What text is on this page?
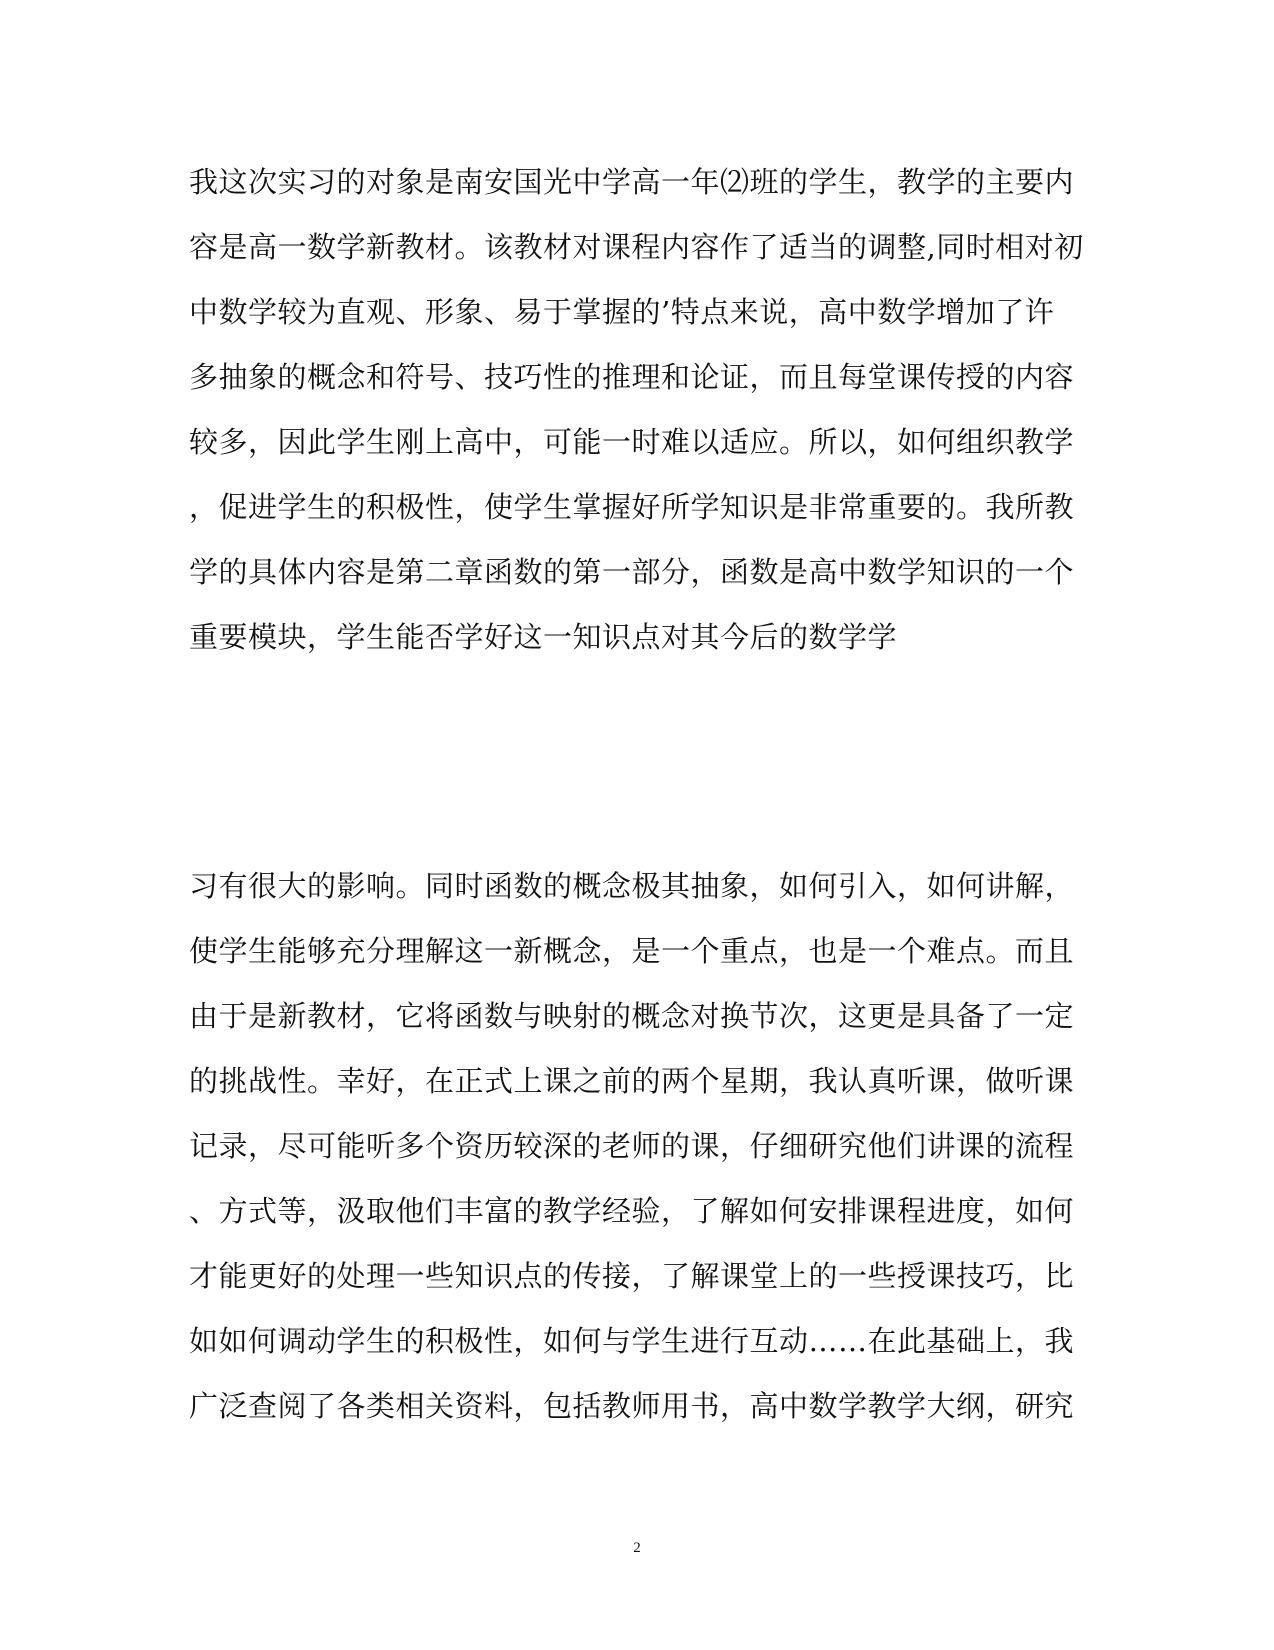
我这次实习的对象是南安国光中学高一年⑵班的学生，教学的主要内
容是高一数学新教材。该教材对课程内容作了适当的调整,同时相对初
中数学较为直观、形象、易于掌握的’特点来说，高中数学增加了许
多抽象的概念和符号、技巧性的推理和论证，而且每堂课传授的内容
较多，因此学生刚上高中，可能一时难以适应。所以，如何组织教学
，促进学生的积极性，使学生掌握好所学知识是非常重要的。我所教
学的具体内容是第二章函数的第一部分，函数是高中数学知识的一个
重要模块，学生能否学好这一知识点对其今后的数学学
习有很大的影响。同时函数的概念极其抽象，如何引入，如何讲解，
使学生能够充分理解这一新概念，是一个重点，也是一个难点。而且
由于是新教材，它将函数与映射的概念对换节次，这更是具备了一定
的挑战性。幸好，在正式上课之前的两个星期，我认真听课，做听课
记录，尽可能听多个资历较深的老师的课，仔细研究他们讲课的流程
、方式等，汲取他们丰富的教学经验，了解如何安排课程进度，如何
才能更好的处理一些知识点的传接，了解课堂上的一些授课技巧，比
如如何调动学生的积极性，如何与学生进行互动……在此基础上，我
广泛查阅了各类相关资料，包括教师用书，高中数学教学大纲，研究
2
